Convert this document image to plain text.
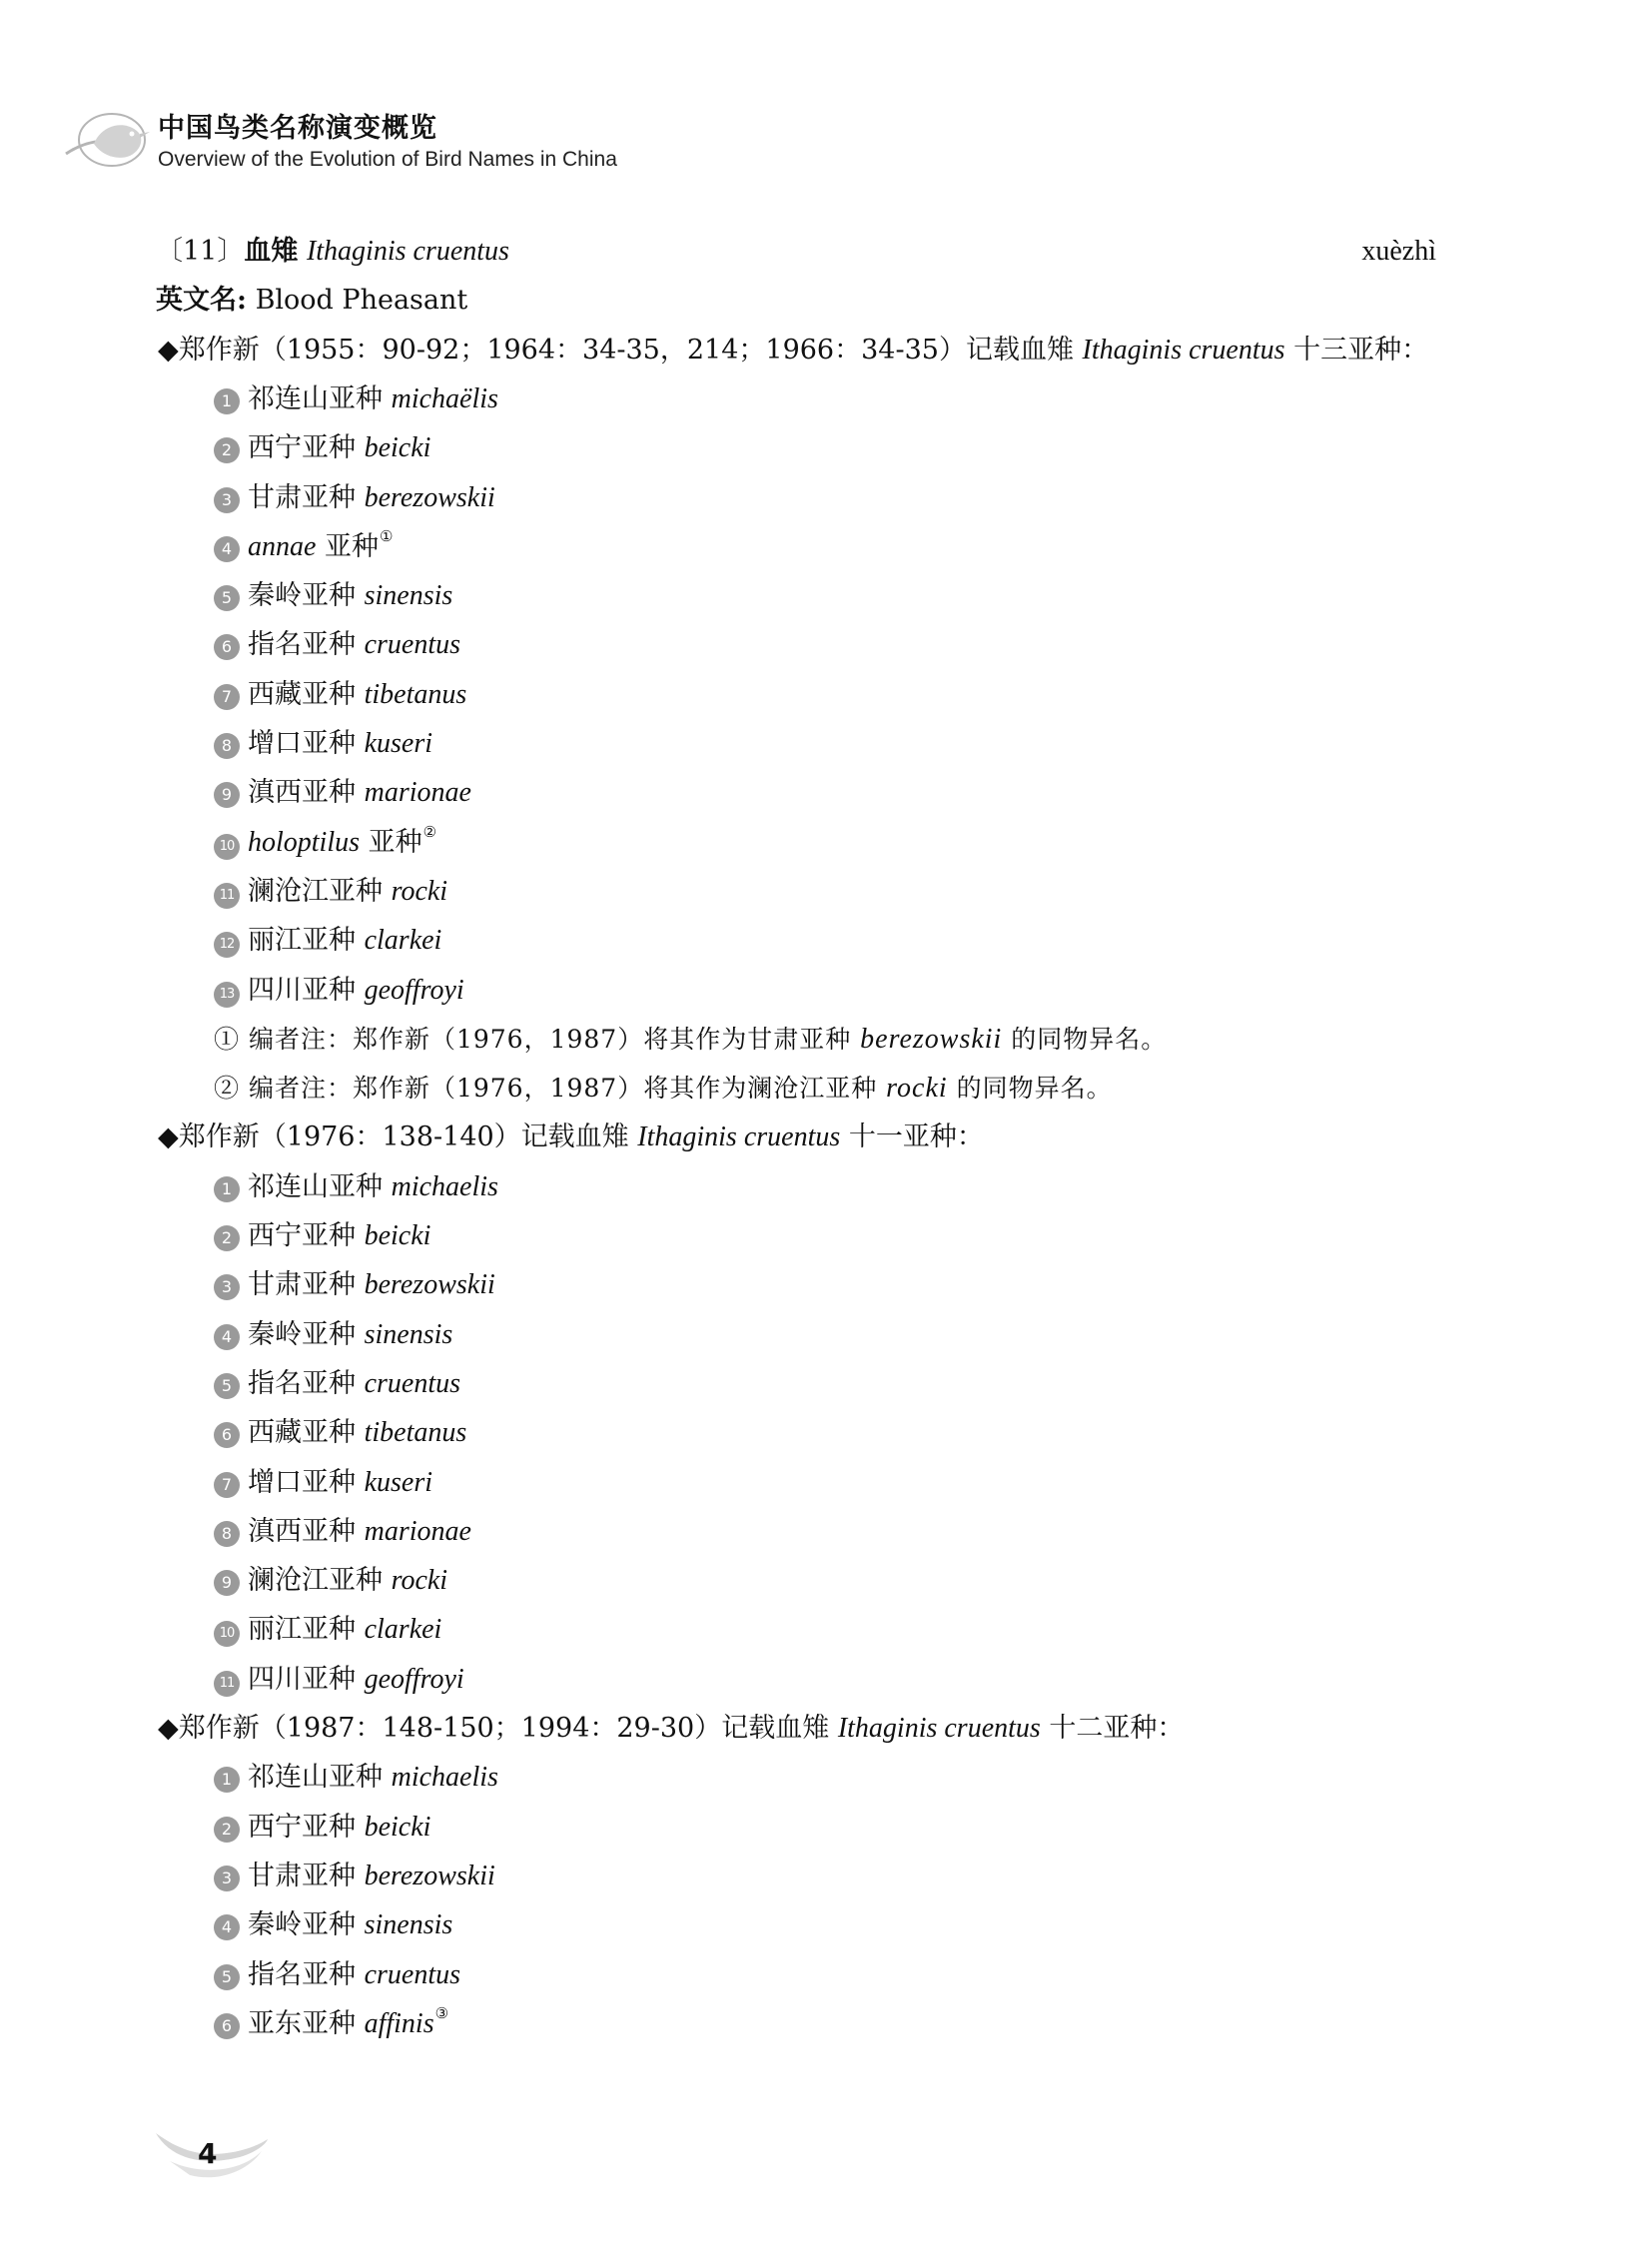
中国鸟类名称演变概览
Overview of the Evolution of Bird Names in China
〔11〕血雉 Ithaginis cruentus	xuèzhì
英文名: Blood Pheasant
◆郑作新（1955：90-92；1964：34-35，214；1966：34-35）记载血雉 Ithaginis cruentus 十三亚种：
1 祁连山亚种 michaëlis
2 西宁亚种 beicki
3 甘肃亚种 berezowskii
4 annae 亚种①
5 秦岭亚种 sinensis
6 指名亚种 cruentus
7 西藏亚种 tibetanus
8 增口亚种 kuseri
9 滇西亚种 marionae
10 holoptilus 亚种②
11 澜沧江亚种 rocki
12 丽江亚种 clarkei
13 四川亚种 geoffroyi
① 编者注：郑作新（1976，1987）将其作为甘肃亚种 berezowskii 的同物异名。
② 编者注：郑作新（1976，1987）将其作为澜沧江亚种 rocki 的同物异名。
◆郑作新（1976：138-140）记载血雉 Ithaginis cruentus 十一亚种：
1 祁连山亚种 michaelis
2 西宁亚种 beicki
3 甘肃亚种 berezowskii
4 秦岭亚种 sinensis
5 指名亚种 cruentus
6 西藏亚种 tibetanus
7 增口亚种 kuseri
8 滇西亚种 marionae
9 澜沧江亚种 rocki
10 丽江亚种 clarkei
11 四川亚种 geoffroyi
◆郑作新（1987：148-150；1994：29-30）记载血雉 Ithaginis cruentus 十二亚种：
1 祁连山亚种 michaelis
2 西宁亚种 beicki
3 甘肃亚种 berezowskii
4 秦岭亚种 sinensis
5 指名亚种 cruentus
6 亚东亚种 affinis③
4
